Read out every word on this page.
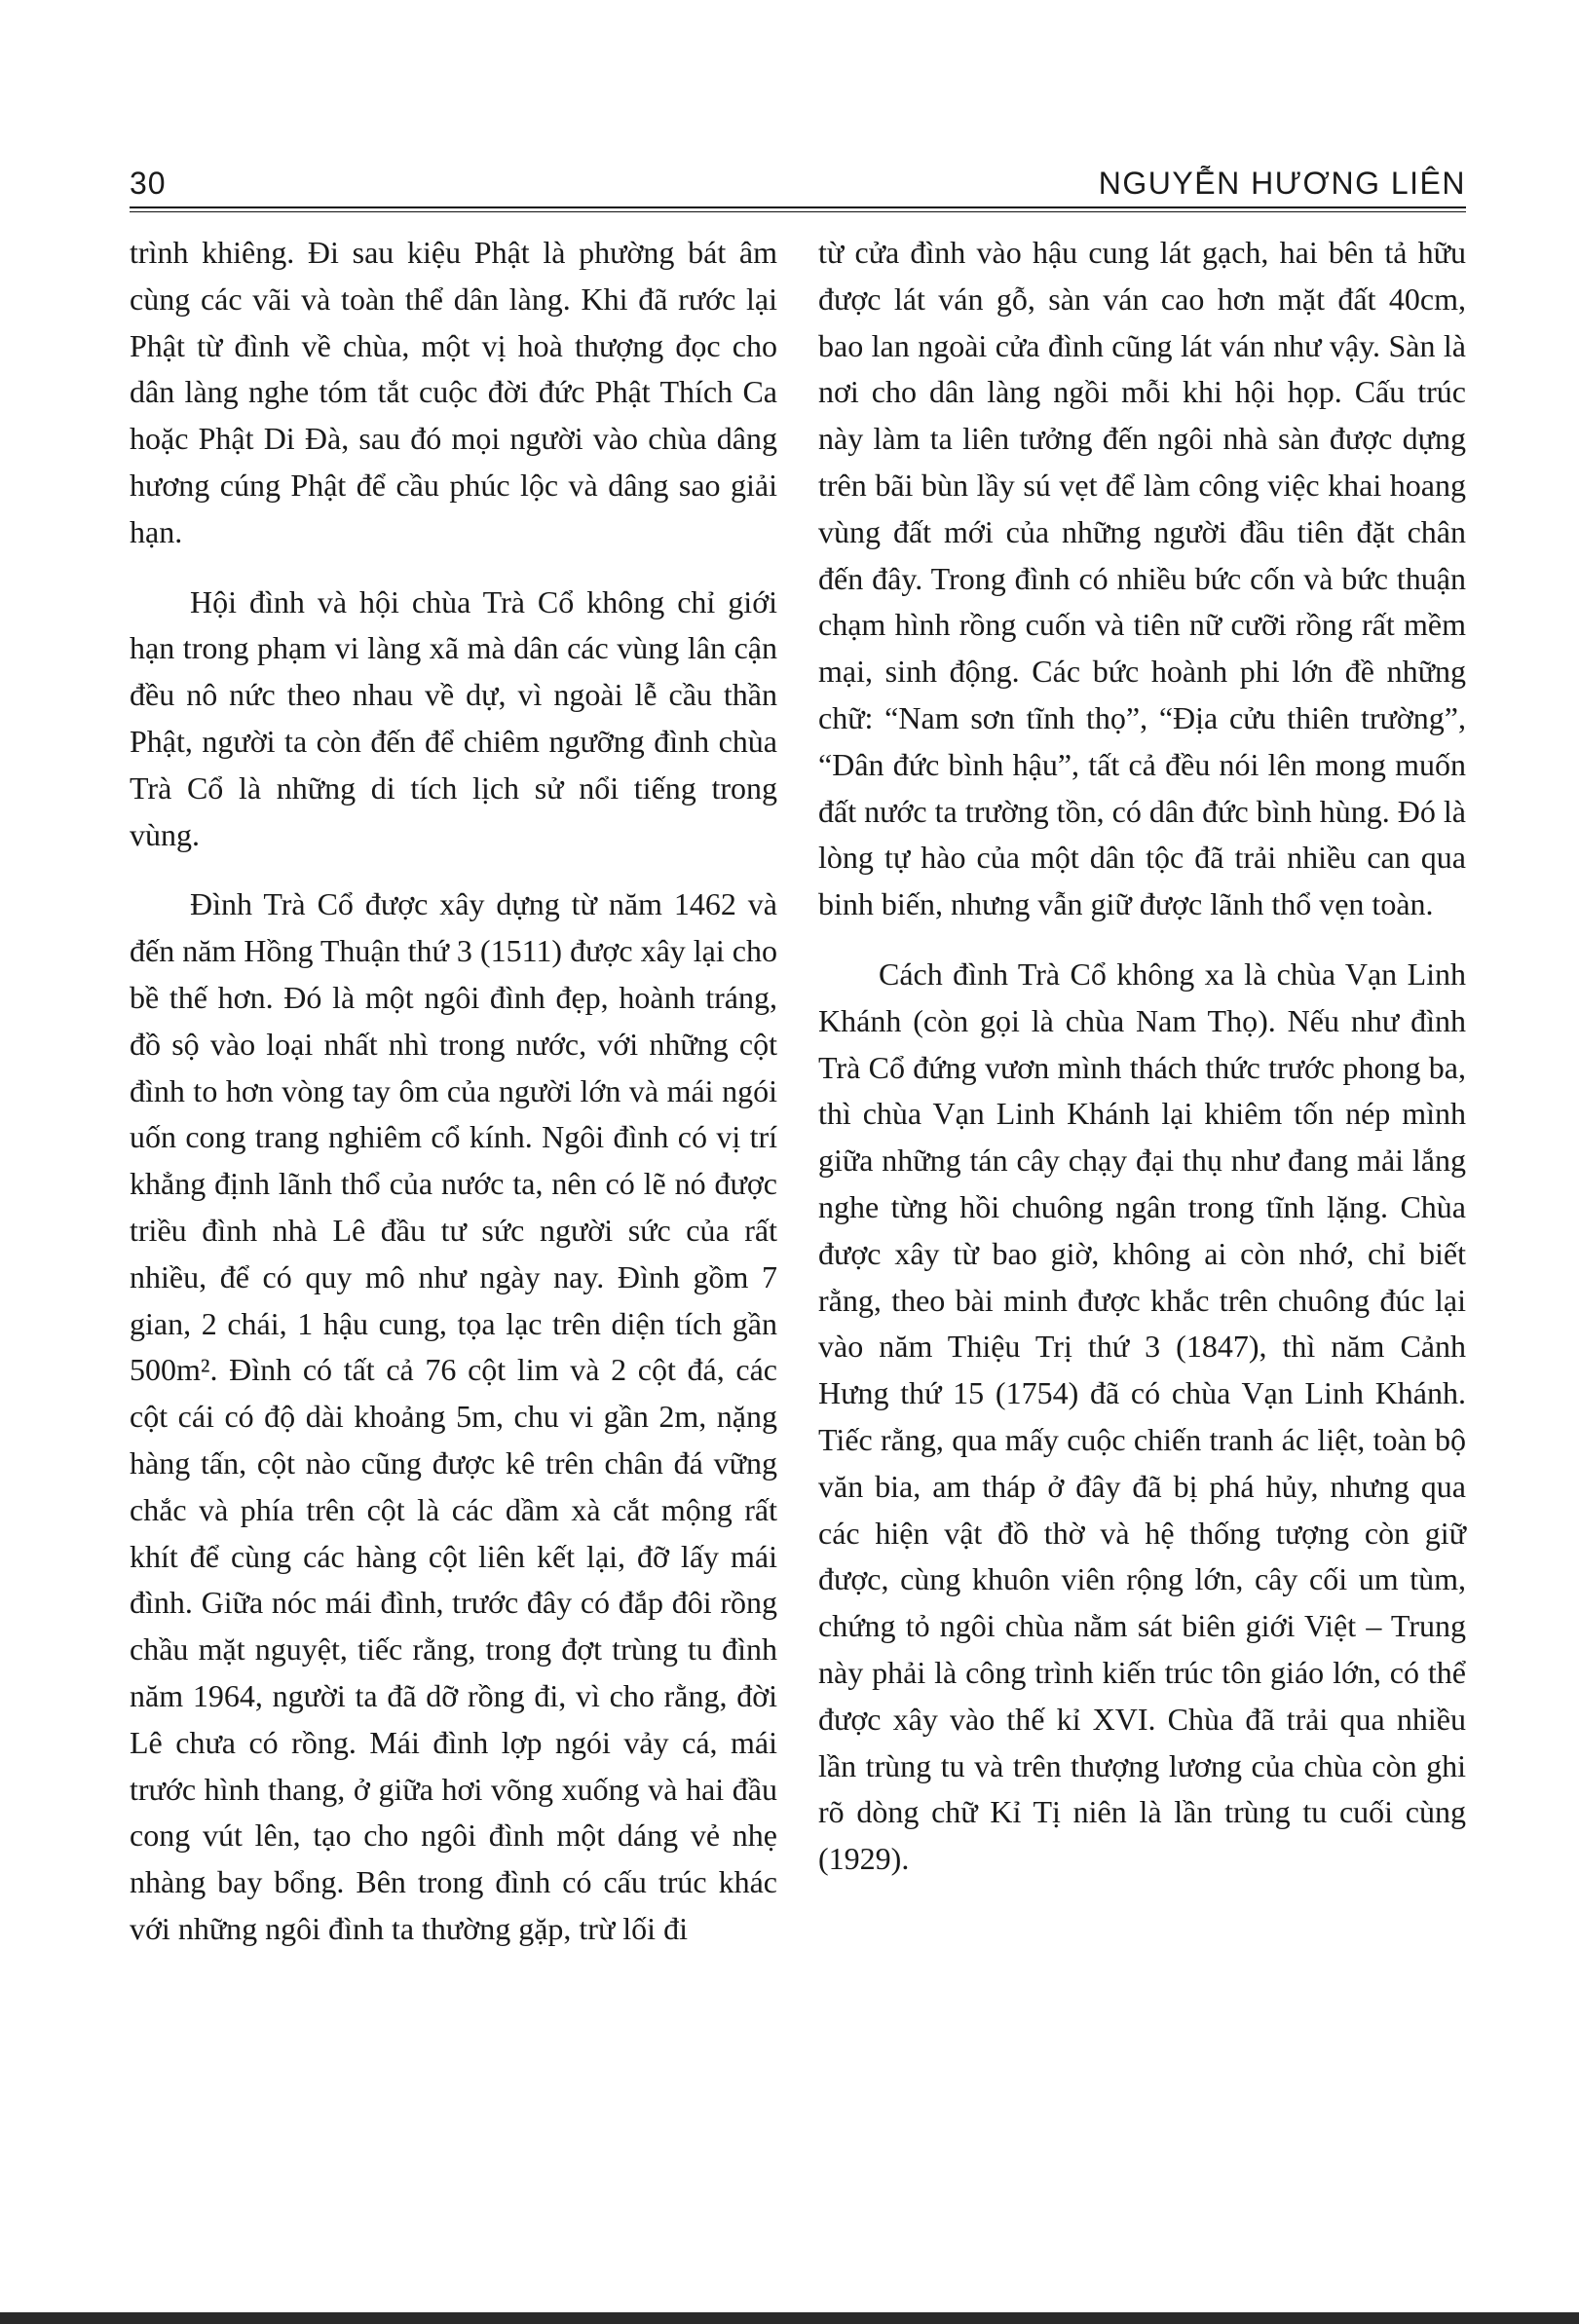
30	NGUYỄN HƯƠNG LIÊN

trình khiêng. Đi sau kiệu Phật là phường bát âm cùng các vãi và toàn thể dân làng. Khi đã rước lại Phật từ đình về chùa, một vị hoà thượng đọc cho dân làng nghe tóm tắt cuộc đời đức Phật Thích Ca hoặc Phật Di Đà, sau đó mọi người vào chùa dâng hương cúng Phật để cầu phúc lộc và dâng sao giải hạn.

Hội đình và hội chùa Trà Cổ không chỉ giới hạn trong phạm vi làng xã mà dân các vùng lân cận đều nô nức theo nhau về dự, vì ngoài lễ cầu thần Phật, người ta còn đến để chiêm ngưỡng đình chùa Trà Cổ là những di tích lịch sử nổi tiếng trong vùng.

Đình Trà Cổ được xây dựng từ năm 1462 và đến năm Hồng Thuận thứ 3 (1511) được xây lại cho bề thế hơn. Đó là một ngôi đình đẹp, hoành tráng, đồ sộ vào loại nhất nhì trong nước, với những cột đình to hơn vòng tay ôm của người lớn và mái ngói uốn cong trang nghiêm cổ kính. Ngôi đình có vị trí khẳng định lãnh thổ của nước ta, nên có lẽ nó được triều đình nhà Lê đầu tư sức người sức của rất nhiều, để có quy mô như ngày nay. Đình gồm 7 gian, 2 chái, 1 hậu cung, tọa lạc trên diện tích gần 500m². Đình có tất cả 76 cột lim và 2 cột đá, các cột cái có độ dài khoảng 5m, chu vi gần 2m, nặng hàng tấn, cột nào cũng được kê trên chân đá vững chắc và phía trên cột là các dầm xà cắt mộng rất khít để cùng các hàng cột liên kết lại, đỡ lấy mái đình. Giữa nóc mái đình, trước đây có đắp đôi rồng chầu mặt nguyệt, tiếc rằng, trong đợt trùng tu đình năm 1964, người ta đã dỡ rồng đi, vì cho rằng, đời Lê chưa có rồng. Mái đình lợp ngói vảy cá, mái trước hình thang, ở giữa hơi võng xuống và hai đầu cong vút lên, tạo cho ngôi đình một dáng vẻ nhẹ nhàng bay bổng. Bên trong đình có cấu trúc khác với những ngôi đình ta thường gặp, trừ lối đi

từ cửa đình vào hậu cung lát gạch, hai bên tả hữu được lát ván gỗ, sàn ván cao hơn mặt đất 40cm, bao lan ngoài cửa đình cũng lát ván như vậy. Sàn là nơi cho dân làng ngồi mỗi khi hội họp. Cấu trúc này làm ta liên tưởng đến ngôi nhà sàn được dựng trên bãi bùn lầy sú vẹt để làm công việc khai hoang vùng đất mới của những người đầu tiên đặt chân đến đây. Trong đình có nhiều bức cốn và bức thuận chạm hình rồng cuốn và tiên nữ cưỡi rồng rất mềm mại, sinh động. Các bức hoành phi lớn đề những chữ: “Nam sơn tĩnh thọ”, “Địa cửu thiên trường”, “Dân đức bình hậu”, tất cả đều nói lên mong muốn đất nước ta trường tồn, có dân đức bình hùng. Đó là lòng tự hào của một dân tộc đã trải nhiều can qua binh biến, nhưng vẫn giữ được lãnh thổ vẹn toàn.

Cách đình Trà Cổ không xa là chùa Vạn Linh Khánh (còn gọi là chùa Nam Thọ). Nếu như đình Trà Cổ đứng vươn mình thách thức trước phong ba, thì chùa Vạn Linh Khánh lại khiêm tốn nép mình giữa những tán cây chạy đại thụ như đang mải lắng nghe từng hồi chuông ngân trong tĩnh lặng. Chùa được xây từ bao giờ, không ai còn nhớ, chỉ biết rằng, theo bài minh được khắc trên chuông đúc lại vào năm Thiệu Trị thứ 3 (1847), thì năm Cảnh Hưng thứ 15 (1754) đã có chùa Vạn Linh Khánh. Tiếc rằng, qua mấy cuộc chiến tranh ác liệt, toàn bộ văn bia, am tháp ở đây đã bị phá hủy, nhưng qua các hiện vật đồ thờ và hệ thống tượng còn giữ được, cùng khuôn viên rộng lớn, cây cối um tùm, chứng tỏ ngôi chùa nằm sát biên giới Việt – Trung này phải là công trình kiến trúc tôn giáo lớn, có thể được xây vào thế kỉ XVI. Chùa đã trải qua nhiều lần trùng tu và trên thượng lương của chùa còn ghi rõ dòng chữ Kỉ Tị niên là lần trùng tu cuối cùng (1929).
